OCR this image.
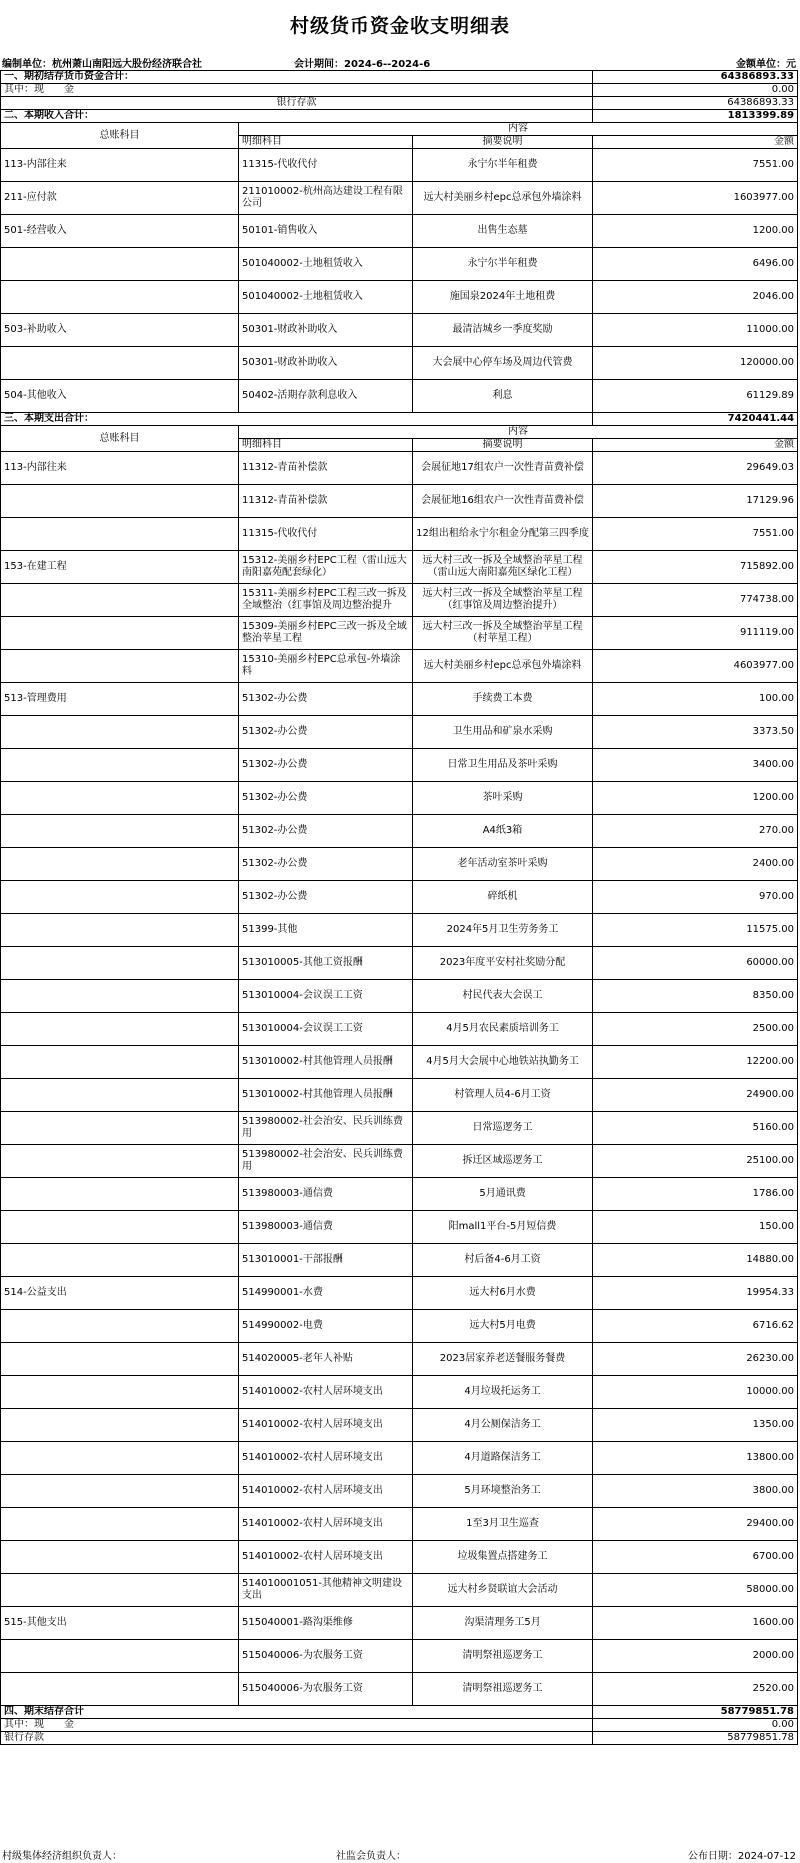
村级货币资金收支明细表
编制单位：杭州萧山南阳远大股份经济联合社	会计期间：2024-6--2024-6	金额单位：元
一、期初结存货币资金合计：			64386893.33
其中：现　　金			0.00
银行存款			64386893.33
二、本期收入合计：			1813399.89
总账科目	内容		
	明细科目	摘要说明	金额
113-内部往来	11315-代收代付	永宁尔半年租费	7551.00
211-应付款	211010002-杭州高达建设工程有限公司	远大村美丽乡村epc总承包外墙涂料	1603977.00
501-经营收入	50101-销售收入	出售生态墓	1200.00
	501040002-土地租赁收入	永宁尔半年租费	6496.00
	501040002-土地租赁收入	施国泉2024年土地租费	2046.00
503-补助收入	50301-财政补助收入	最清洁城乡一季度奖励	11000.00
	50301-财政补助收入	大会展中心停车场及周边代管费	120000.00
504-其他收入	50402-活期存款利息收入	利息	61129.89
三、本期支出合计：			7420441.44
总账科目	内容		
	明细科目	摘要说明	金额
113-内部往来	11312-青苗补偿款	会展征地17组农户一次性青苗费补偿	29649.03
	11312-青苗补偿款	会展征地16组农户一次性青苗费补偿	17129.96
	11315-代收代付	12组出租给永宁尔租金分配第三四季度	7551.00
153-在建工程	15312-美丽乡村EPC工程（雷山远大南阳嘉苑配套绿化）	远大村三改一拆及全域整治苹星工程（雷山远大南阳嘉苑区绿化工程）	715892.00
	15311-美丽乡村EPC工程三改一拆及全域整治（红事馆及周边整治提升	远大村三改一拆及全域整治苹星工程（红事馆及周边整治提升）	774738.00
	15309-美丽乡村EPC三改一拆及全域整治苹星工程	远大村三改一拆及全域整治苹星工程（村苹星工程）	911119.00
	15310-美丽乡村EPC总承包-外墙涂料	远大村美丽乡村epc总承包外墙涂料	4603977.00
513-管理费用	51302-办公费	手续费工本费	100.00
	51302-办公费	卫生用品和矿泉水采购	3373.50
	51302-办公费	日常卫生用品及茶叶采购	3400.00
	51302-办公费	茶叶采购	1200.00
	51302-办公费	A4纸3箱	270.00
	51302-办公费	老年活动室茶叶采购	2400.00
	51302-办公费	碎纸机	970.00
	51399-其他	2024年5月卫生劳务务工	11575.00
	513010005-其他工资报酬	2023年度平安村社奖励分配	60000.00
	513010004-会议误工工资	村民代表大会误工	8350.00
	513010004-会议误工工资	4月5月农民素质培训务工	2500.00
	513010002-村其他管理人员报酬	4月5月大会展中心地铁站执勤务工	12200.00
	513010002-村其他管理人员报酬	村管理人员4-6月工资	24900.00
	513980002-社会治安、民兵训练费用	日常巡逻务工	5160.00
	513980002-社会治安、民兵训练费用	拆迁区域巡逻务工	25100.00
	513980003-通信费	5月通讯费	1786.00
	513980003-通信费	阳mall1平台-5月短信费	150.00
	513010001-干部报酬	村后备4-6月工资	14880.00
514-公益支出	514990001-水费	远大村6月水费	19954.33
	514990002-电费	远大村5月电费	6716.62
	514020005-老年人补贴	2023居家养老送餐服务餐费	26230.00
	514010002-农村人居环境支出	4月垃圾托运务工	10000.00
	514010002-农村人居环境支出	4月公厕保洁务工	1350.00
	514010002-农村人居环境支出	4月道路保洁务工	13800.00
	514010002-农村人居环境支出	5月环境整治务工	3800.00
	514010002-农村人居环境支出	1至3月卫生巡查	29400.00
	514010002-农村人居环境支出	垃圾集置点搭建务工	6700.00
	514010001051-其他精神文明建设支出	远大村乡贤联谊大会活动	58000.00
515-其他支出	515040001-路沟渠维修	沟渠清理务工5月	1600.00
	515040006-为农服务工资	清明祭祖巡逻务工	2000.00
	515040006-为农服务工资	清明祭祖巡逻务工	2520.00
四、期末结存合计			58779851.78
其中：现　　金			0.00
银行存款			58779851.78
村级集体经济组织负责人：	社监会负责人：	公布日期：2024-07-12
